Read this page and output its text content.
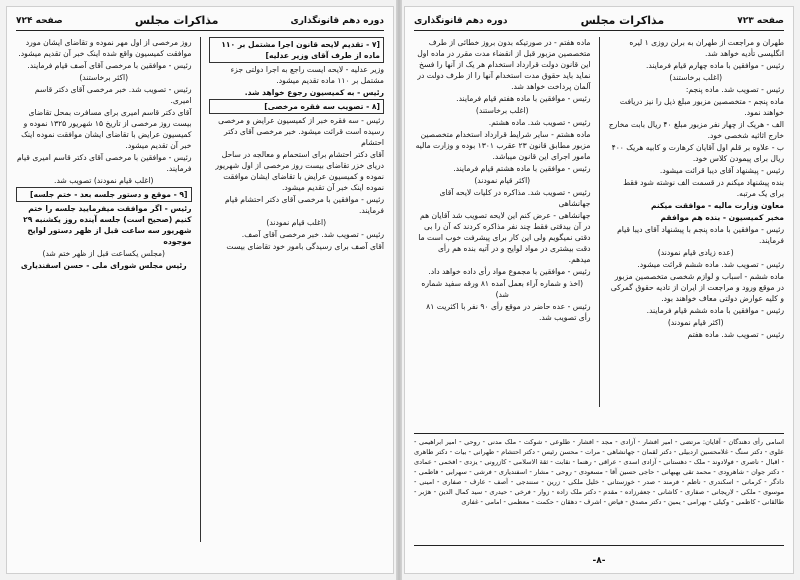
دوره دهم قانونگذاری
مذاکرات مجلس
صفحه ۷۲۴

[۷ - تقدیم لایحه قانون اجرا مشتمل بر ۱۱۰ ماده از طرف آقای وزیر عدلیه]

وزیر عدلیه - لایحه ایست راجع به اجرا دولتی جزء مشتمل بر ۱۱۰ ماده تقدیم میشود.

رئیس - به کمیسیون رجوع خواهد شد.

[۸ - تصویب سه فقره مرخصی]

رئیس - سه فقره خبر از کمیسیون عرایض و مرخصی رسیده است قرائت میشود. خبر مرخصی آقای دکتر احتشام

آقای دکتر احتشام برای استحمام و معالجه در ساحل دریای خزر تقاضای بیست روز مرخصی از اول شهریور نموده و کمیسیون عرایض با تقاضای ایشان موافقت نموده اینک خبر آن تقدیم میشود.

رئیس - موافقین با مرخصی آقای دکتر احتشام قیام فرمایند.

(اغلب قیام نمودند)

رئیس - تصویب شد. خبر مرخصی آقای آصف.

آقای آصف برای رسیدگی بامور خود تقاضای بیست

روز مرخصی از اول مهر نموده و تقاضای ایشان مورد موافقت کمیسیون واقع شده اینک خبر آن تقدیم میشود.

رئیس - موافقین با مرخصی آقای آصف قیام فرمایند.

(اکثر برخاستند)

رئیس - تصویب شد. خبر مرخصی آقای دکتر قاسم امیری.

آقای دکتر قاسم امیری برای مسافرت بمحل تقاضای بیست روز مرخصی از تاریخ ۱۵ شهریور ۱۳۲۵ نموده و کمیسیون عرایض با تقاضای ایشان موافقت نموده اینک خبر آن تقدیم میشود.

رئیس - موافقین با مرخصی آقای دکتر قاسم امیری قیام فرمایند.

(اغلب قیام نمودند) تصویب شد.

[۹ - موقع و دستور جلسه بعد - ختم جلسه]

رئیس - اگر موافقت میفرمایید جلسه را ختم کنیم (صحیح است) جلسه آینده روز یکشنبه ۲۹ شهریور سه ساعت قبل از ظهر دستور لوایح موجوده

(مجلس یکساعت قبل از ظهر ختم شد)

رئیس مجلس شورای ملی - حسن اسفندیاری

صفحه ۷۲۳
مذاکرات مجلس
دوره دهم قانونگذاری

طهران و مراجعت از طهران به برلن روزی ۱ لیره انگلیسی تأدیه خواهد شد.

رئیس - موافقین با ماده چهارم قیام فرمایند.

(اغلب برخاستند)

رئیس - تصویب شد. ماده پنجم:

ماده پنجم - متخصصین مزبور مبلغ ذیل را نیز دریافت خواهند نمود.

الف - هریک از چهار نفر مزبور مبلغ ۴۰ ریال بابت مخارج خارج اثاثیه شخصی خود.

ب - علاوه بر قلم اول آقایان کرهارت و کابیه هریک ۴۰۰ ریال برای پیمودن کلاس خود.

رئیس - پیشنهاد آقای دیبا قرائت میشود.

بنده پیشنهاد میکنم در قسمت الف نوشته شود فقط برای یک مرتبه.

معاون وزارت مالیه - موافقت میکنم

مخبر کمیسیون - بنده هم موافقم

رئیس - موافقین با ماده پنجم با پیشنهاد آقای دیبا قیام فرمایند.

(عده زیادی قیام نمودند)

رئیس - تصویب شد. ماده ششم قرائت میشود.

ماده ششم - اسباب و لوازم شخصی متخصصین مزبور در موقع ورود و مراجعت از ایران از تادیه حقوق گمرکی و کلیه عوارض دولتی معاف خواهند بود.

رئیس - موافقین با ماده ششم قیام فرمایند.

(اکثر قیام نمودند)

رئیس - تصویب شد. ماده هفتم

ماده هفتم - در صورتیکه بدون بروز خطائی از طرف متخصصین مزبور قبل از انقضاء مدت مقرر در ماده اول این قانون دولت قرارداد استخدام هر یک از آنها را فسخ نماید باید حقوق مدت استخدام آنها را از طرف دولت در آلمان پرداخت خواهد شد.

رئیس - موافقین با ماده هفتم قیام فرمایند.

(اغلب برخاستند)

رئیس - تصویب شد. ماده هشتم.

ماده هشتم - سایر شرایط قرارداد استخدام متخصصین مزبور مطابق قانون ۲۳ عقرب ۱۳۰۱ بوده و وزارت مالیه مامور اجرای این قانون میباشد.

رئیس - موافقین با ماده هشتم قیام فرمایند.

(اکثر قیام نمودند)

رئیس - تصویب شد. مذاکره در کلیات لایحه آقای جهانشاهی

جهانشاهی - عرض کنم این لایحه تصویب شد آقایان هم در آن بیدقتی فقط چند نفر مذاکره کردند که آن را بی دقتی نمیگویم ولی این کار برای پیشرفت خوب است ما دقت بیشتری در مواد لوایح و در آتیه بنده هم رأی میدهم.

رئیس - موافقین با مجموع مواد رأی داده خواهد داد.

(اخذ و شماره آراء بعمل آمده ۸۱ ورقه سفید شماره شد)

رئیس - عده حاضر در موقع رأی ۹۰ نفر با اکثریت ۸۱ رأی تصویب شد.

اسامی رأی دهندگان - آقایان: مرتضی - امیر افشار - آزادی - مجد - افشار - طلوعی - شوکت - ملک مدنی - روحی - امیر ابراهیمی - علوی - دکتر سنگ - غلامحسین اردبیلی - دکتر لقمان - جهانشاهی - مرات - محسن رئیس - دکتر احتشام - طهرانی - بیات - دکتر طاهری - اقبال - ناصری - فولادوند - ملک - دهستانی - آزادی اسدی - عراقی - رهنما - نقابت - ثقة الاسلامی - کازرونی - یزدی - افخمی - عمادی - دکتر جوان - شاهرودی - محمد تقی بهبهانی - حاجی حسین آقا - مسعودی - روحی - مشار - اسفندیاری - فرشی - سهرابی - فاطمی - دادگر - کرمانی - اسکندری - ناظم - فرمند - صدر - خوزستانی - خلیل ملکی - زرین - سنندجی - آصف - عارف - صفاری - امینی - موسوی - ملکی - لاریجانی - صفاری - کاشانی - جعفرزاده - مقدم - دکتر ملک زاده - زوار - فرخی - حیدری - سید کمال الدین - هژبر - طالقانی - کاظمی - وکیلی - بهرامی - یمین - دکتر مصدق - فیاض - اشرف - دهقان - حکمت - معظمی - امامی - غفاری
-۸-
